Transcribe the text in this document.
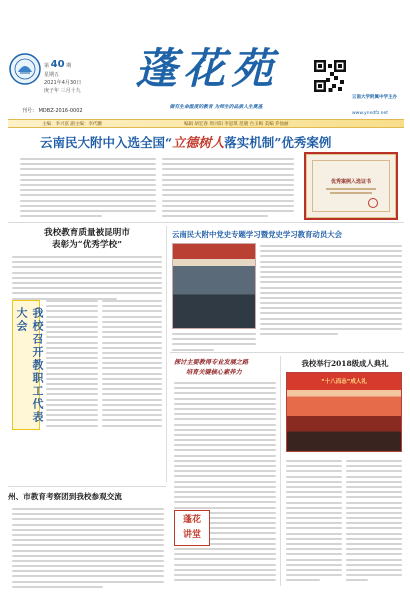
第 40 期
星期五
2021年4月30日
庚子年 三月十九	蓬花苑
云南大学附属中学主办
做有生命温度的教育 为师生的品质人生奠基
刊号： MDBZ-2016-0002
主编：李兴富 副主编：李代鹏	编辑 胡宏春 周兴阳 李思琪 范晓 台玉梅 美编 乔仙丽
www.ynndfz.net
云南民大附中入选全国“立德树人落实机制”优秀案例
优秀案例入选证书
我校教育质量被昆明市
表彰为“优秀学校”
我校召开教职工代表大会
云南民大附中党史专题学习暨党史学习教育动员大会
探讨主要教得专业发展之路
培育关键核心素养力
蓬花
讲堂
我校举行2018级成人典礼
“十八而志”成人礼
州、市教育考察团到我校参观交流
